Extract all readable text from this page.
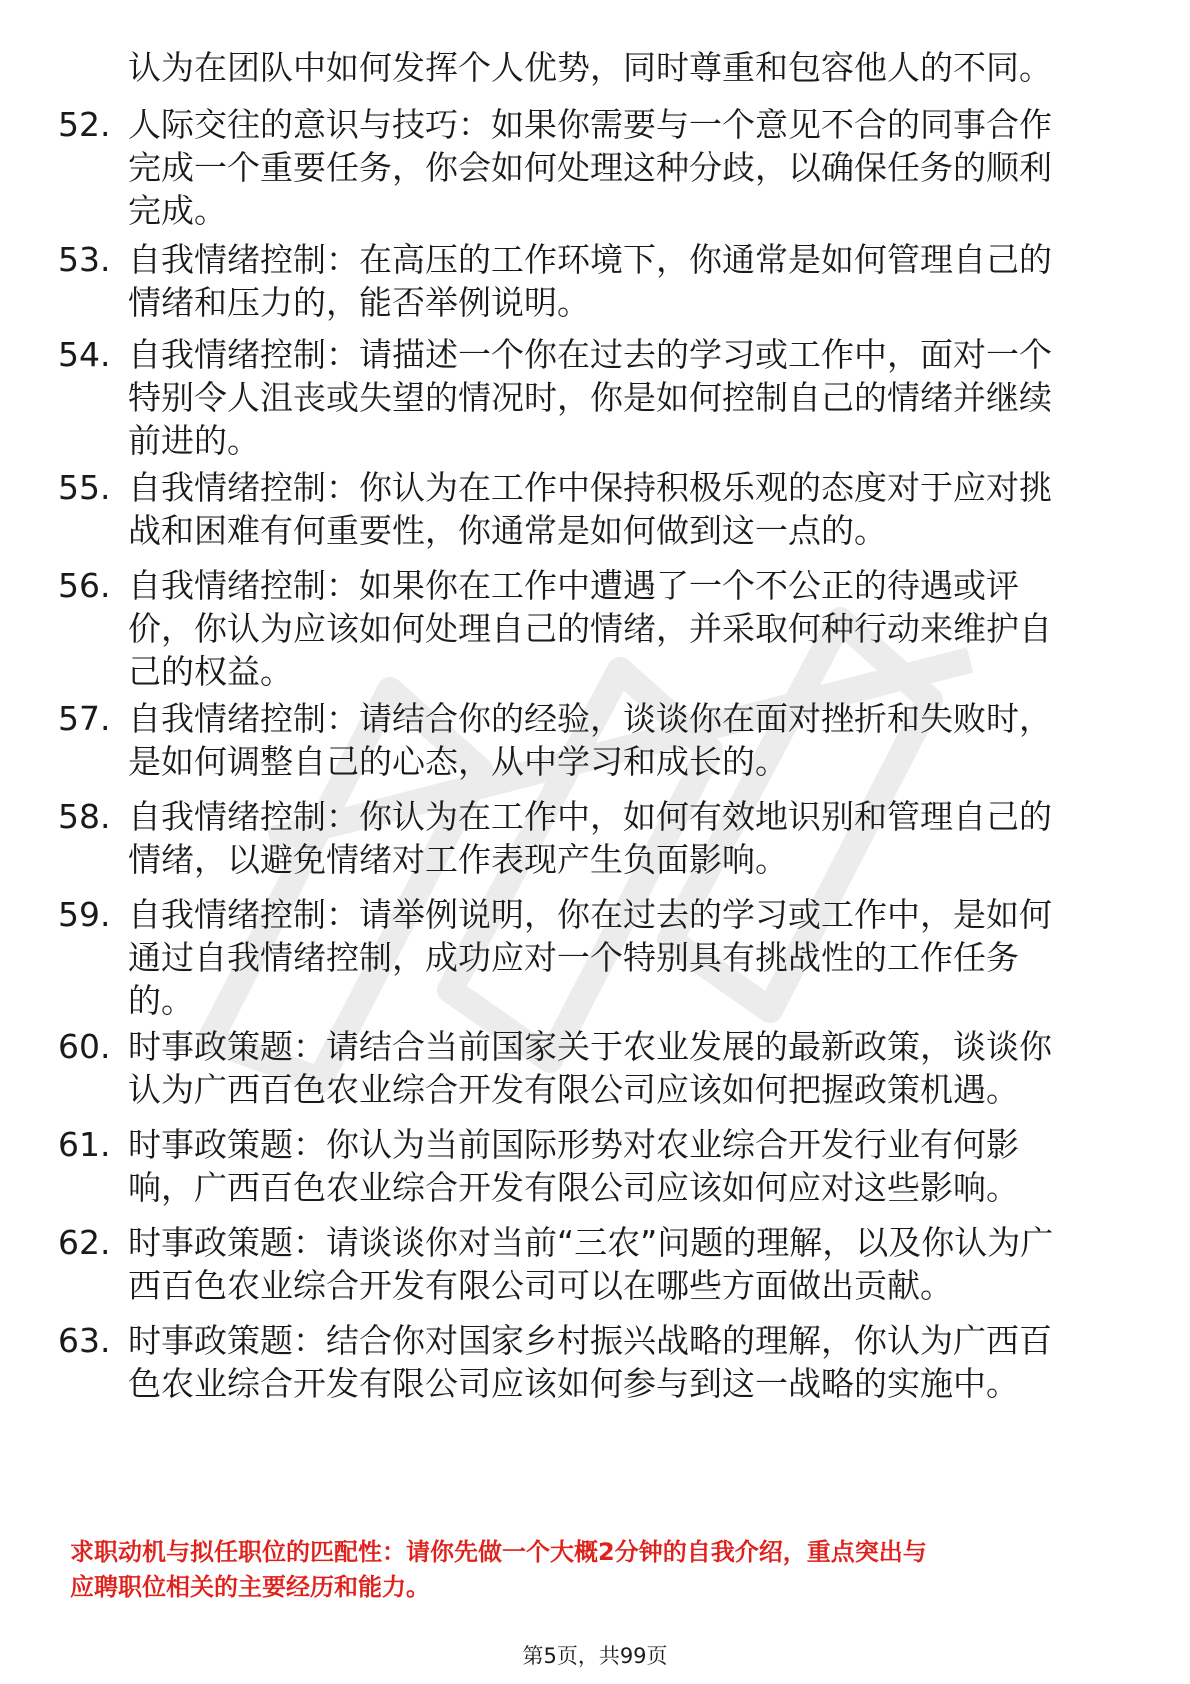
认为在团队中如何发挥个人优势，同时尊重和包容他人的不同。
52. 人际交往的意识与技巧：如果你需要与一个意见不合的同事合作
完成一个重要任务，你会如何处理这种分歧，以确保任务的顺利
完成。
53. 自我情绪控制：在高压的工作环境下，你通常是如何管理自己的
情绪和压力的，能否举例说明。
54. 自我情绪控制：请描述一个你在过去的学习或工作中，面对一个
特别令人沮丧或失望的情况时，你是如何控制自己的情绪并继续
前进的。
55. 自我情绪控制：你认为在工作中保持积极乐观的态度对于应对挑
战和困难有何重要性，你通常是如何做到这一点的。
56. 自我情绪控制：如果你在工作中遭遇了一个不公正的待遇或评
价，你认为应该如何处理自己的情绪，并采取何种行动来维护自
己的权益。
57. 自我情绪控制：请结合你的经验，谈谈你在面对挫折和失败时，
是如何调整自己的心态，从中学习和成长的。
58. 自我情绪控制：你认为在工作中，如何有效地识别和管理自己的
情绪，以避免情绪对工作表现产生负面影响。
59. 自我情绪控制：请举例说明，你在过去的学习或工作中，是如何
通过自我情绪控制，成功应对一个特别具有挑战性的工作任务
的。
60. 时事政策题：请结合当前国家关于农业发展的最新政策，谈谈你
认为广西百色农业综合开发有限公司应该如何把握政策机遇。
61. 时事政策题：你认为当前国际形势对农业综合开发行业有何影
响，广西百色农业综合开发有限公司应该如何应对这些影响。
62. 时事政策题：请谈谈你对当前“三农”问题的理解，以及你认为广
西百色农业综合开发有限公司可以在哪些方面做出贡献。
63. 时事政策题：结合你对国家乡村振兴战略的理解，你认为广西百
色农业综合开发有限公司应该如何参与到这一战略的实施中。
求职动机与拟任职位的匹配性：请你先做一个大概2分钟的自我介绍，重点突出与
应聘职位相关的主要经历和能力。
第5页，共99页
